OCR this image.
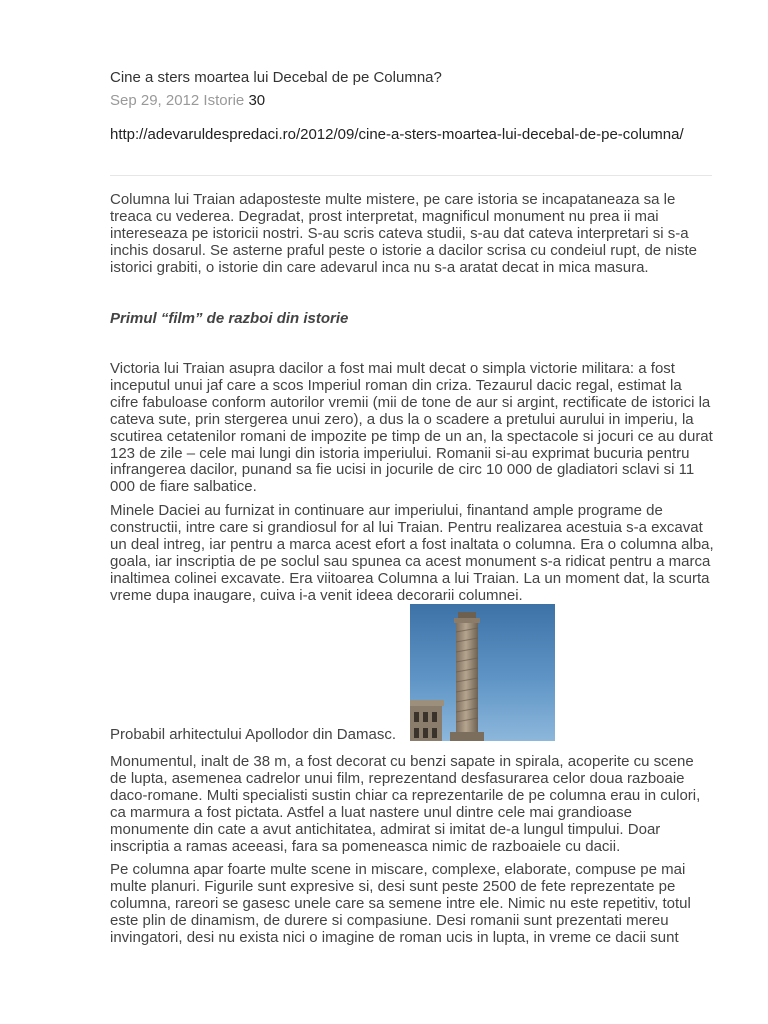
Cine a sters moartea lui Decebal de pe Columna?
Sep 29, 2012 Istorie 30
http://adevaruldespredaci.ro/2012/09/cine-a-sters-moartea-lui-decebal-de-pe-columna/

Columna lui Traian adaposteste multe mistere, pe care istoria se incapataneaza sa le treaca cu vederea. Degradat, prost interpretat, magnificul monument nu prea ii mai intereseaza pe istoricii nostri. S-au scris cateva studii, s-au dat cateva interpretari si s-a inchis dosarul. Se asterne praful peste o istorie a dacilor scrisa cu condeiul rupt, de niste istorici grabiti, o istorie din care adevarul inca nu s-a aratat decat in mica masura.

Primul “film” de razboi din istorie

Victoria lui Traian asupra dacilor a fost mai mult decat o simpla victorie militara: a fost inceputul unui jaf care a scos Imperiul roman din criza. Tezaurul dacic regal, estimat la cifre fabuloase conform autorilor vremii (mii de tone de aur si argint, rectificate de istorici la cateva sute, prin stergerea unui zero), a dus la o scadere a pretului aurului in imperiu, la scutirea cetatenilor romani de impozite pe timp de un an, la spectacole si jocuri ce au durat 123 de zile – cele mai lungi din istoria imperiului. Romanii si-au exprimat bucuria pentru infrangerea dacilor, punand sa fie ucisi in jocurile de circ 10 000 de gladiatori sclavi si 11 000 de fiare salbatice.

Minele Daciei au furnizat in continuare aur imperiului, finantand ample programe de constructii, intre care si grandiosul for al lui Traian. Pentru realizarea acestuia s-a excavat un deal intreg, iar pentru a marca acest efort a fost inaltata o columna. Era o columna alba, goala, iar inscriptia de pe soclul sau spunea ca acest monument s-a ridicat pentru a marca inaltimea colinei excavate. Era viitoarea Columna a lui Traian. La un moment dat, la scurta vreme dupa inaugare, cuiva i-a venit ideea decorarii columnei.

Probabil arhitectului Apollodor din Damasc.

Monumentul, inalt de 38 m, a fost decorat cu benzi sapate in spirala, acoperite cu scene de lupta, asemenea cadrelor unui film, reprezentand desfasurarea celor doua razboaie daco-romane. Multi specialisti sustin chiar ca reprezentarile de pe columna erau in culori, ca marmura a fost pictata. Astfel a luat nastere unul dintre cele mai grandioase monumente din cate a avut antichitatea, admirat si imitat de-a lungul timpului. Doar inscriptia a ramas aceeasi, fara sa pomeneasca nimic de razboaiele cu dacii.

Pe columna apar foarte multe scene in miscare, complexe, elaborate, compuse pe mai multe planuri. Figurile sunt expresive si, desi sunt peste 2500 de fete reprezentate pe columna, rareori se gasesc unele care sa semene intre ele. Nimic nu este repetitiv, totul este plin de dinamism, de durere si compasiune. Desi romanii sunt prezentati mereu invingatori, desi nu exista nici o imagine de roman ucis in lupta, in vreme ce dacii sunt
